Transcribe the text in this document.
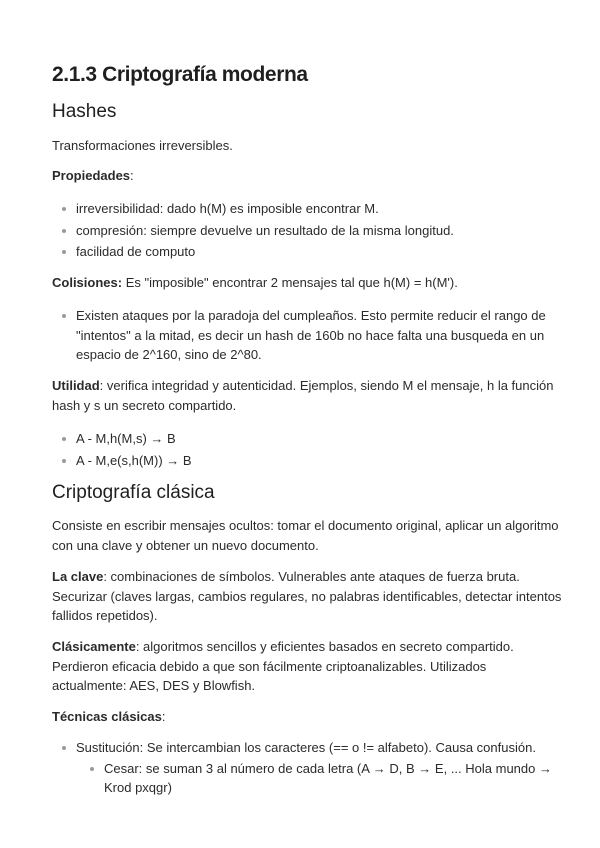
2.1.3 Criptografía moderna
Hashes

Transformaciones irreversibles.

Propiedades:

irreversibilidad: dado h(M) es imposible encontrar M.
compresión: siempre devuelve un resultado de la misma longitud.
facilidad de computo

Colisiones: Es "imposible" encontrar 2 mensajes tal que h(M) = h(M').

Existen ataques por la paradoja del cumpleaños. Esto permite reducir el rango de "intentos" a la mitad, es decir un hash de 160b no hace falta una busqueda en un espacio de 2^160, sino de 2^80.

Utilidad: verifica integridad y autenticidad. Ejemplos, siendo M el mensaje, h la función hash y s un secreto compartido.

A - M,h(M,s) → B
A - M,e(s,h(M)) → B
Criptografía clásica

Consiste en escribir mensajes ocultos: tomar el documento original, aplicar un algoritmo con una clave y obtener un nuevo documento.

La clave: combinaciones de símbolos. Vulnerables ante ataques de fuerza bruta. Securizar (claves largas, cambios regulares, no palabras identificables, detectar intentos fallidos repetidos).

Clásicamente: algoritmos sencillos y eficientes basados en secreto compartido. Perdieron eficacia debido a que son fácilmente criptoanalizables. Utilizados actualmente: AES, DES y Blowfish.

Técnicas clásicas:

Sustitución: Se intercambian los caracteres (== o != alfabeto). Causa confusión.
Cesar: se suman 3 al número de cada letra (A → D, B → E, ... Hola mundo → Krod pxqgr)
